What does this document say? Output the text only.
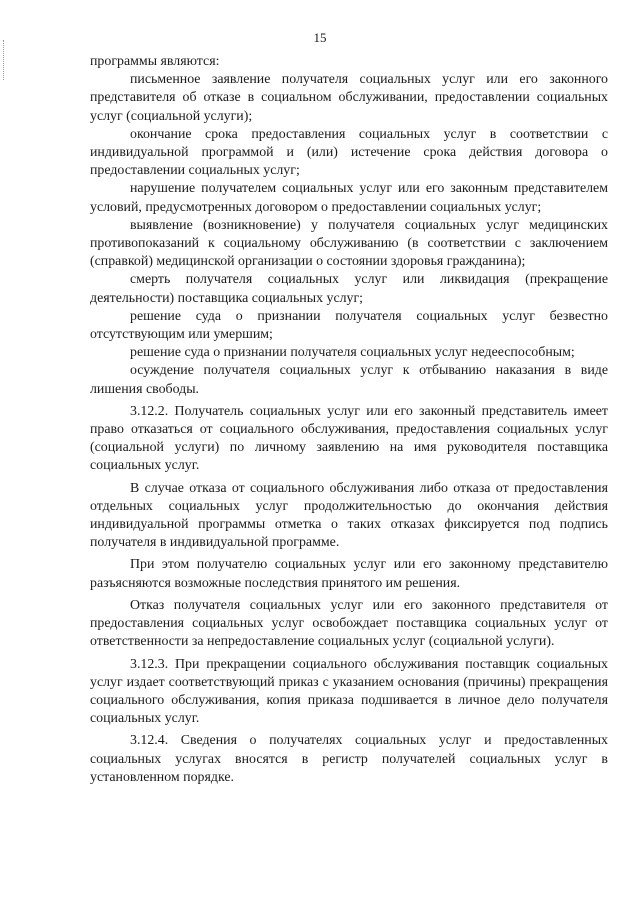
15

программы являются:

письменное заявление получателя социальных услуг или его законного представителя об отказе в социальном обслуживании, предоставлении социальных услуг (социальной услуги);

окончание срока предоставления социальных услуг в соответствии с индивидуальной программой и (или) истечение срока действия договора о предоставлении социальных услуг;

нарушение получателем социальных услуг или его законным представителем условий, предусмотренных договором о предоставлении социальных услуг;

выявление (возникновение) у получателя социальных услуг медицинских противопоказаний к социальному обслуживанию (в соответствии с заключением (справкой) медицинской организации о состоянии здоровья гражданина);

смерть получателя социальных услуг или ликвидация (прекращение деятельности) поставщика социальных услуг;

решение суда о признании получателя социальных услуг безвестно отсутствующим или умершим;

решение суда о признании получателя социальных услуг недееспособным;

осуждение получателя социальных услуг к отбыванию наказания в виде лишения свободы.

3.12.2. Получатель социальных услуг или его законный представитель имеет право отказаться от социального обслуживания, предоставления социальных услуг (социальной услуги) по личному заявлению на имя руководителя поставщика социальных услуг.

В случае отказа от социального обслуживания либо отказа от предоставления отдельных социальных услуг продолжительностью до окончания действия индивидуальной программы отметка о таких отказах фиксируется под подпись получателя в индивидуальной программе.

При этом получателю социальных услуг или его законному представителю разъясняются возможные последствия принятого им решения.

Отказ получателя социальных услуг или его законного представителя от предоставления социальных услуг освобождает поставщика социальных услуг от ответственности за непредоставление социальных услуг (социальной услуги).

3.12.3. При прекращении социального обслуживания поставщик социальных услуг издает соответствующий приказ с указанием основания (причины) прекращения социального обслуживания, копия приказа подшивается в личное дело получателя социальных услуг.

3.12.4. Сведения о получателях социальных услуг и предоставленных социальных услугах вносятся в регистр получателей социальных услуг в установленном порядке.
